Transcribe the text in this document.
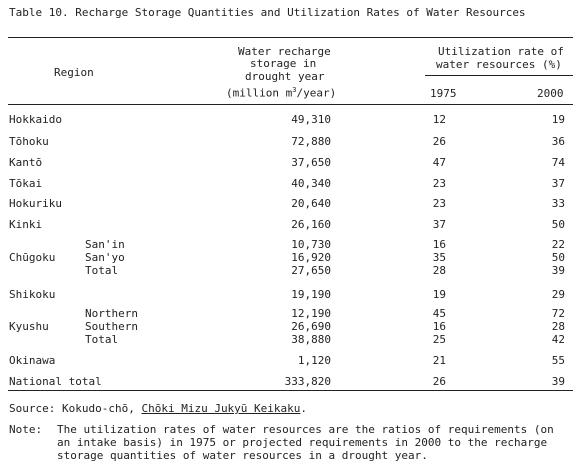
Table 10. Recharge Storage Quantities and Utilization Rates of Water Resources
Region
Water recharge
storage in
drought year
(million $m^3/year$)
Utilization rate of
water resources (%)
1975	2000
Hokkaido	49,310	12	19
Tōhoku	72,880	26	36
Kantō	37,650	47	74
Tōkai	40,340	23	37
Hokuriku	20,640	23	33
Kinki	26,160	37	50
Chūgoku
San'in	10,730	16	22
San'yo	16,920	35	50
Total	27,650	28	39
Shikoku	19,190	19	29
Kyushu
Northern	12,190	45	72
Southern	26,690	16	28
Total	38,880	25	42
Okinawa	1,120	21	55
National total	333,820	26	39
Source: Kokudo-chō, Chōki Mizu Jukyū Keikaku.
Note: The utilization rates of water resources are the ratios of requirements (on
an intake basis) in 1975 or projected requirements in 2000 to the recharge
storage quantities of water resources in a drought year.
